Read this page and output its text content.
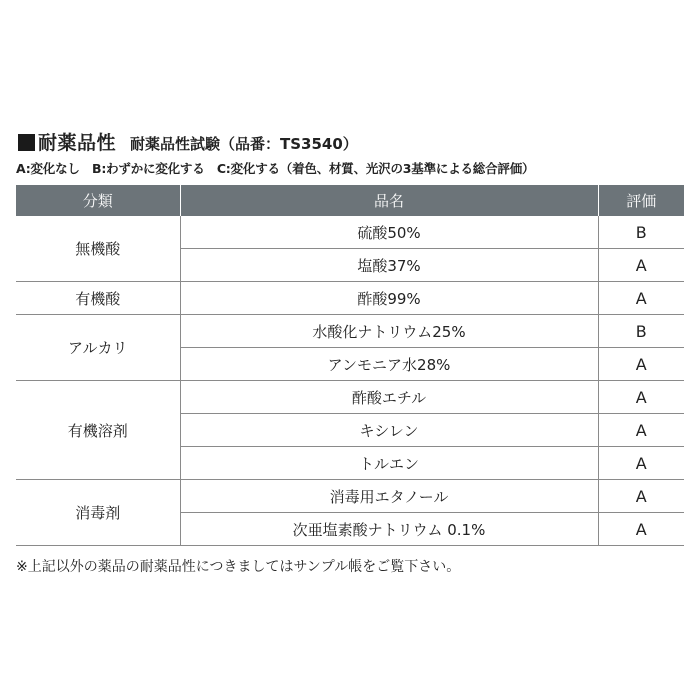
耐薬品性 耐薬品性試験（品番：TS3540）
A:変化なし　B:わずかに変化する　C:変化する（着色、材質、光沢の3基準による総合評価）
分類	品名	評価
無機酸	硫酸50%	B
	塩酸37%	A
有機酸	酢酸99%	A
アルカリ	水酸化ナトリウム25%	B
	アンモニア水28%	A
有機溶剤	酢酸エチル	A
	キシレン	A
	トルエン	A
消毒剤	消毒用エタノール	A
	次亜塩素酸ナトリウム 0.1%	A
※上記以外の薬品の耐薬品性につきましてはサンプル帳をご覧下さい。
